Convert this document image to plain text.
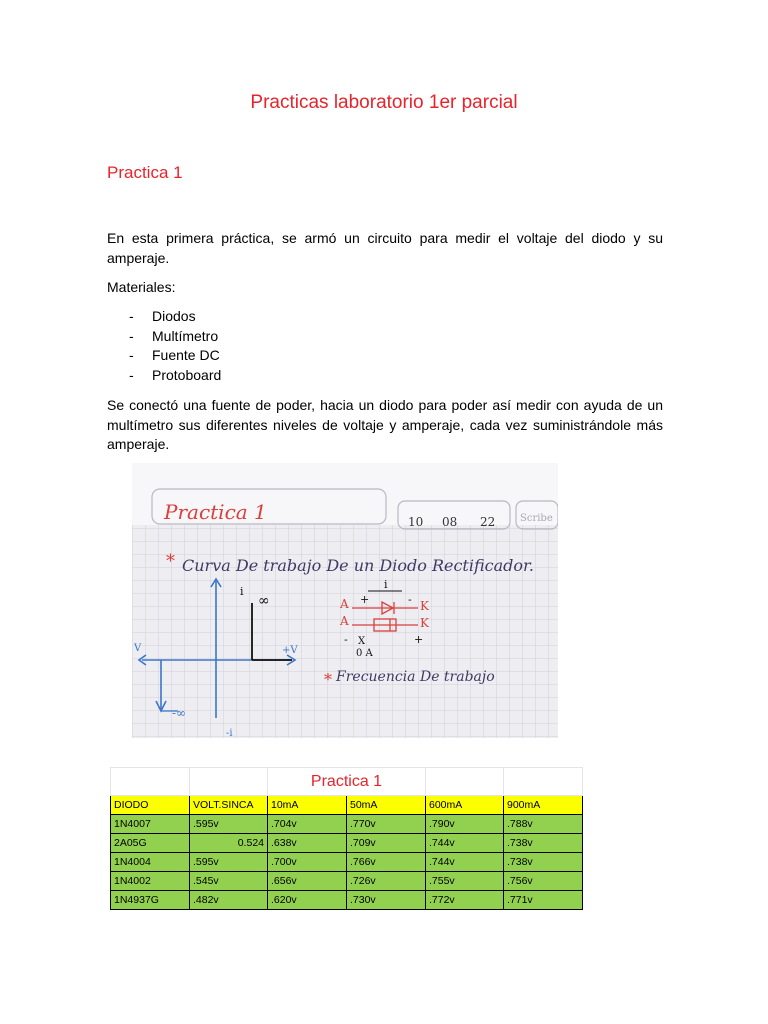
Practicas laboratorio 1er parcial
Practica 1
En esta primera práctica, se armó un circuito para medir el voltaje del diodo y su amperaje.
Materiales:
- Diodos
- Multímetro
- Fuente DC
- Protoboard
Se conectó una fuente de poder, hacia un diodo para poder así medir con ayuda de un multímetro sus diferentes niveles de voltaje y amperaje, cada vez suministrándole más amperaje.
Practica 1	10 08 22 Scribe
* Curva De trabajo De un Diodo Rectificador.
i
∞
+V
V
-∞
-i
i
+	-
A	K
A	K
- X	+
0 A
* Frecuencia De trabajo
		Practica 1			
DIODO	VOLT.SINCA	10mA	50mA	600mA	900mA
1N4007	.595v	.704v	.770v	.790v	.788v
2A05G	0.524	.638v	.709v	.744v	.738v
1N4004	.595v	.700v	.766v	.744v	.738v
1N4002	.545v	.656v	.726v	.755v	.756v
1N4937G	.482v	.620v	.730v	.772v	.771v
